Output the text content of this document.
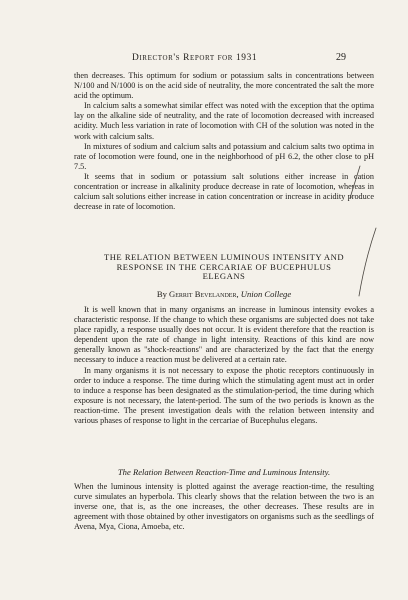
Director's Report for 1931	29

then decreases. This optimum for sodium or potassium salts in concentrations between N/100 and N/1000 is on the acid side of neutrality, the more concentrated the salt the more acid the optimum.

In calcium salts a somewhat similar effect was noted with the exception that the optima lay on the alkaline side of neutrality, and the rate of locomotion decreased with increased acidity. Much less variation in rate of locomotion with CH of the solution was noted in the work with calcium salts.

In mixtures of sodium and calcium salts and potassium and calcium salts two optima in rate of locomotion were found, one in the neighborhood of pH 6.2, the other close to pH 7.5.

It seems that in sodium or potassium salt solutions either increase in cation concentration or increase in alkalinity produce decrease in rate of locomotion, whereas in calcium salt solutions either increase in cation concentration or increase in acidity produce decrease in rate of locomotion.

THE RELATION BETWEEN LUMINOUS INTENSITY AND
RESPONSE IN THE CERCARIAE OF BUCEPHULUS
ELEGANS
By Gerrit Bevelander, Union College

It is well known that in many organisms an increase in luminous intensity evokes a characteristic response. If the change to which these organisms are subjected does not take place rapidly, a response usually does not occur. It is evident therefore that the reaction is dependent upon the rate of change in light intensity. Reactions of this kind are now generally known as "shock-reactions" and are characterized by the fact that the energy necessary to induce a reaction must be delivered at a certain rate.

In many organisms it is not necessary to expose the photic receptors continuously in order to induce a response. The time during which the stimulating agent must act in order to induce a response has been designated as the stimulation-period, the time during which exposure is not necessary, the latent-period. The sum of the two periods is known as the reaction-time. The present investigation deals with the relation between intensity and various phases of response to light in the cercariae of Bucephulus elegans.

The Relation Between Reaction-Time and Luminous Intensity.

When the luminous intensity is plotted against the average reaction-time, the resulting curve simulates an hyperbola. This clearly shows that the relation between the two is an inverse one, that is, as the one increases, the other decreases. These results are in agreement with those obtained by other investigators on organisms such as the seedlings of Avena, Mya, Ciona, Amoeba, etc.
